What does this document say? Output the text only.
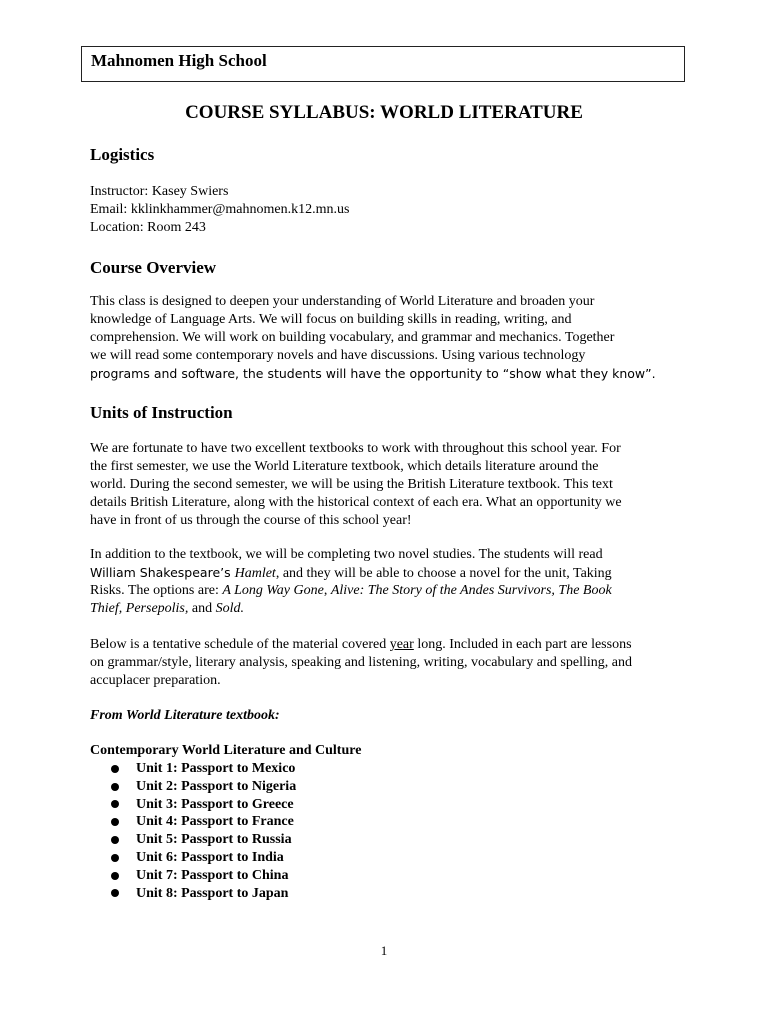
Mahnomen High School
COURSE SYLLABUS: WORLD LITERATURE
Logistics
Instructor: Kasey Swiers
Email: kklinkhammer@mahnomen.k12.mn.us
Location: Room 243
Course Overview
This class is designed to deepen your understanding of World Literature and broaden your
knowledge of Language Arts. We will focus on building skills in reading, writing, and
comprehension. We will work on building vocabulary, and grammar and mechanics. Together
we will read some contemporary novels and have discussions. Using various technology
programs and software, the students will have the opportunity to “show what they know”.
Units of Instruction
We are fortunate to have two excellent textbooks to work with throughout this school year. For
the first semester, we use the World Literature textbook, which details literature around the
world. During the second semester, we will be using the British Literature textbook. This text
details British Literature, along with the historical context of each era. What an opportunity we
have in front of us through the course of this school year!
In addition to the textbook, we will be completing two novel studies. The students will read
William Shakespeare’s Hamlet, and they will be able to choose a novel for the unit, Taking
Risks. The options are: A Long Way Gone, Alive: The Story of the Andes Survivors, The Book
Thief, Persepolis, and Sold.
Below is a tentative schedule of the material covered year long. Included in each part are lessons
on grammar/style, literary analysis, speaking and listening, writing, vocabulary and spelling, and
accuplacer preparation.
From World Literature textbook:
Contemporary World Literature and Culture
Unit 1: Passport to Mexico
Unit 2: Passport to Nigeria
Unit 3: Passport to Greece
Unit 4: Passport to France
Unit 5: Passport to Russia
Unit 6: Passport to India
Unit 7: Passport to China
Unit 8: Passport to Japan
1
